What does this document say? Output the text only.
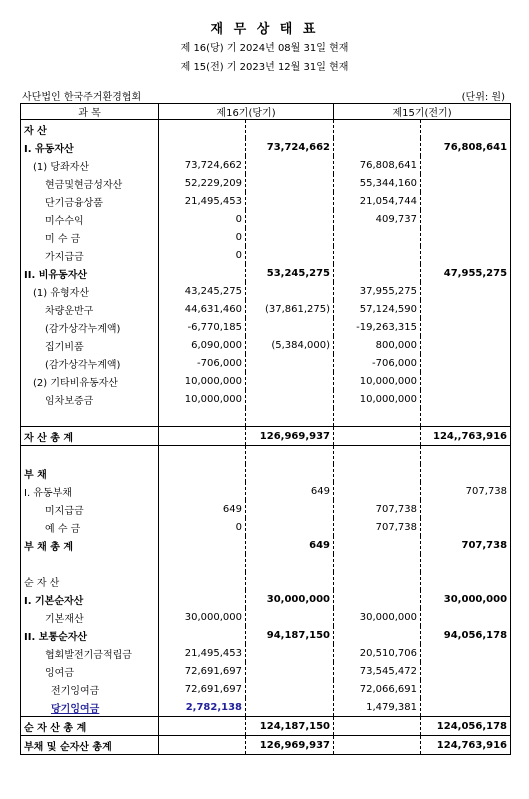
재 무 상 태 표
제 16(당) 기 2024년 08월 31일 현재
제 15(전) 기 2023년 12월 31일 현재
사단법인 한국주거환경협회	(단위: 원)
과 목	제16기(당기)		제15기(전기)	
자 산				
I. 유동자산		73,724,662		76,808,641
(1) 당좌자산	73,724,662		76,808,641	
현금및현금성자산	52,229,209		55,344,160	
단기금융상품	21,495,453		21,054,744	
미수수익	0		409,737	
미 수 금	0			
가지급금	0			
II. 비유동자산		53,245,275		47,955,275
(1) 유형자산	43,245,275		37,955,275	
차량운반구	44,631,460	(37,861,275)	57,124,590	
(감가상각누계액)	-6,770,185		-19,263,315	
집기비품	6,090,000	(5,384,000)	800,000	
(감가상각누계액)	-706,000		-706,000	
(2) 기타비유동자산	10,000,000		10,000,000	
임차보증금	10,000,000		10,000,000	

자 산 총 계		126,969,937		124,,763,916

부 채				
I. 유동부채		649		707,738
미지급금	649		707,738	
예 수 금	0		707,738	
부 채 총 계		649		707,738

순 자 산				
I. 기본순자산		30,000,000		30,000,000
기본재산	30,000,000		30,000,000	
II. 보통순자산		94,187,150		94,056,178
협회발전기금적립금	21,495,453		20,510,706	
잉여금	72,691,697		73,545,472	
전기잉여금	72,691,697		72,066,691	
당기잉여금	2,782,138		1,479,381	
순 자 산 총 계		124,187,150		124,056,178
부채 및 순자산 총계		126,969,937		124,763,916
